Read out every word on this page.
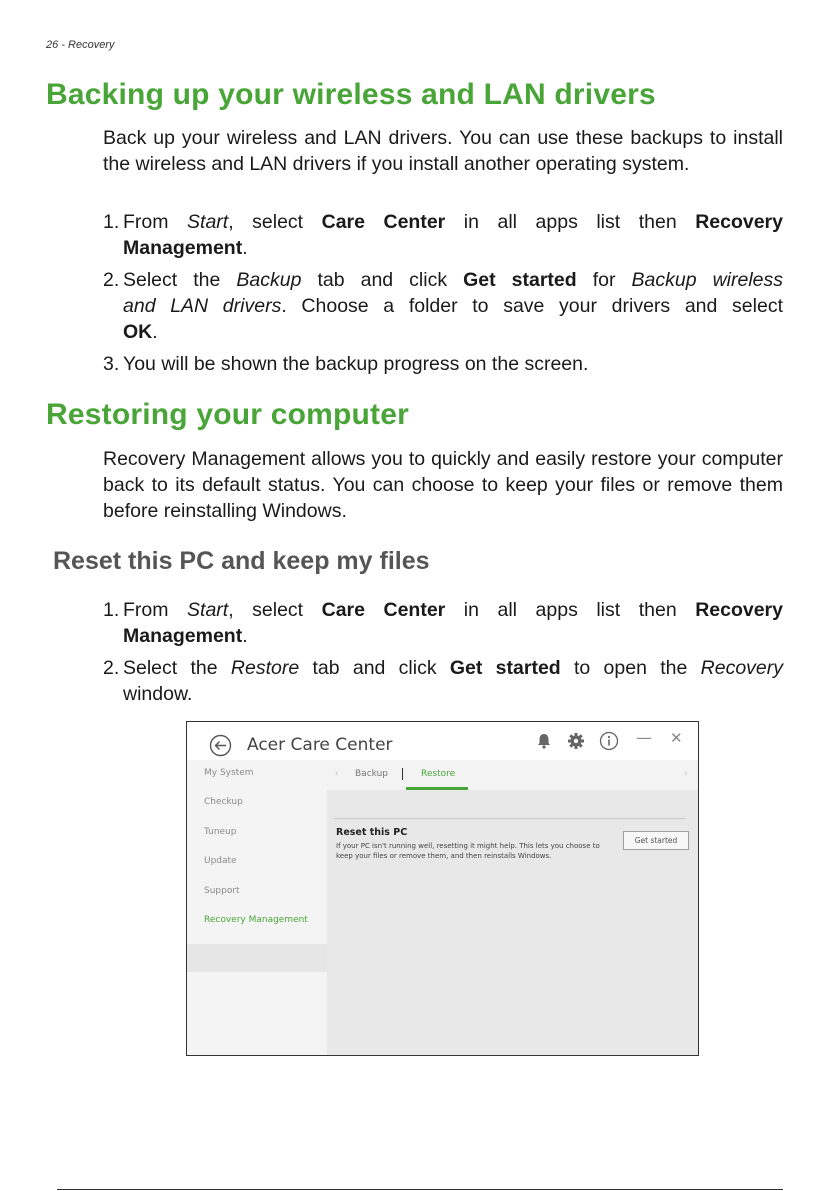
26 - Recovery
Backing up your wireless and LAN drivers

Back up your wireless and LAN drivers. You can use these backups to install the wireless and LAN drivers if you install another operating system.

1. From Start, select Care Center in all apps list then Recovery
Management.
2. Select the Backup tab and click Get started for Backup wireless
and LAN drivers. Choose a folder to save your drivers and select
OK.
3. You will be shown the backup progress on the screen.
Restoring your computer

Recovery Management allows you to quickly and easily restore your computer back to its default status. You can choose to keep your files or remove them before reinstalling Windows.

Reset this PC and keep my files
1. From Start, select Care Center in all apps list then Recovery
Management.
2. Select the Restore tab and click Get started to open the Recovery
window.
Acer Care Center	— ✕
My System
Checkup
Tuneup
Update
Support
Recovery Management
‹ Backup	Restore	›
Reset this PC
If your PC isn't running well, resetting it might help. This lets you choose to keep your files or remove them, and then reinstalls Windows.
Get started
